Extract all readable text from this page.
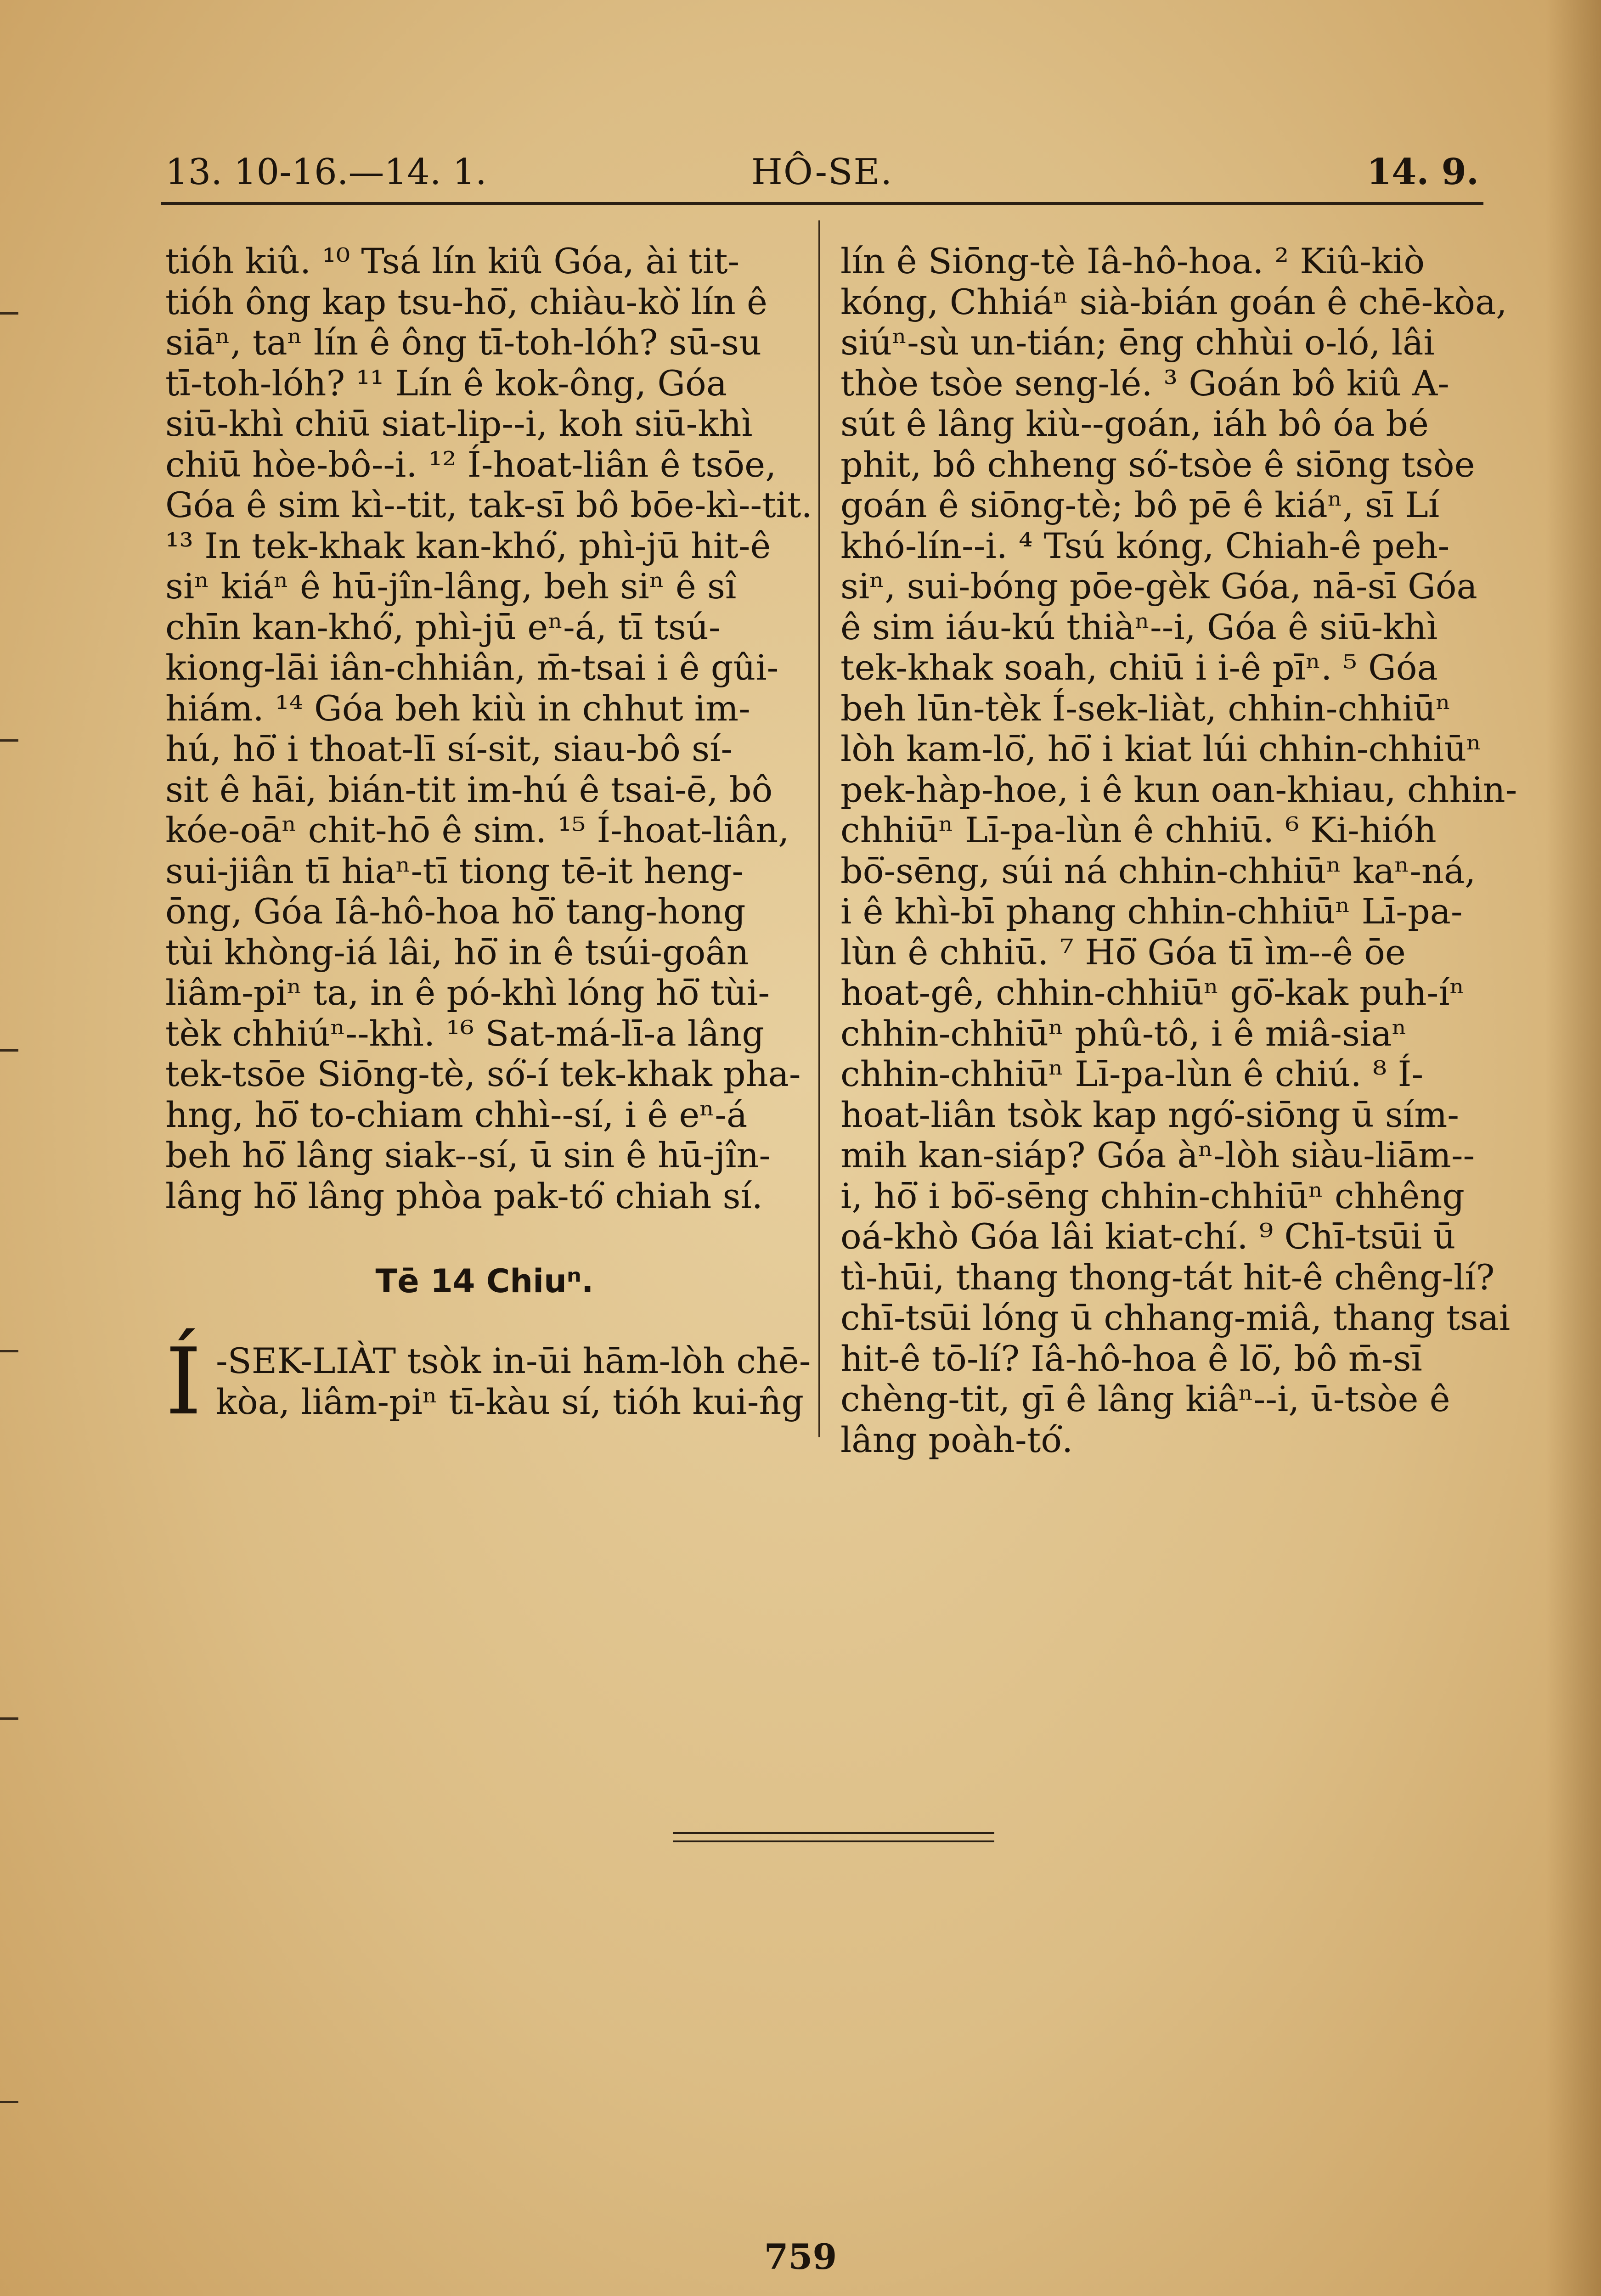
13. 10-16.—14. 1.	HÔ-SE.	14. 9.
tióh kiû. ¹⁰ Tsá lín kiû Góa, ài tit-
tióh ông kap tsu-hō͘, chiàu-kò͘ lín ê
siāⁿ, taⁿ lín ê ông tī-toh-lóh? sū-su
tī-toh-lóh? ¹¹ Lín ê kok-ông, Góa
siū-khì chiū siat-lip--i, koh siū-khì
chiū hòe-bô--i. ¹² Í-hoat-liân ê tsōe,
Góa ê sim kì--tit, tak-sī bô bōe-kì--tit.
¹³ In tek-khak kan-khó͘, phì-jū hit-ê
siⁿ kiáⁿ ê hū-jîn-lâng, beh siⁿ ê sî
chīn kan-khó͘, phì-jū eⁿ-á, tī tsú-
kiong-lāi iân-chhiân, m̄-tsai i ê gûi-
hiám. ¹⁴ Góa beh kiù in chhut im-
hú, hō͘ i thoat-lī sí-sit, siau-bô sí-
sit ê hāi, bián-tit im-hú ê tsai-ē, bô
kóe-oāⁿ chit-hō ê sim. ¹⁵ Í-hoat-liân,
sui-jiân tī hiaⁿ-tī tiong tē-it heng-
ōng, Góa Iâ-hô-hoa hō͘ tang-hong
tùi khòng-iá lâi, hō͘ in ê tsúi-goân
liâm-piⁿ ta, in ê pó-khì lóng hō͘ tùi-
tèk chhiúⁿ--khì. ¹⁶ Sat-má-lī-a lâng
tek-tsōe Siōng-tè, só͘-í tek-khak pha-
hng, hō͘ to-chiam chhì--sí, i ê eⁿ-á
beh hō͘ lâng siak--sí, ū sin ê hū-jîn-
lâng hō͘ lâng phòa pak-tó͘ chiah sí.
Tē 14 Chiuⁿ.
Í -SEK-LIÀT tsòk in-ūi hām-lòh chē-
kòa, liâm-piⁿ tī-kàu sí, tióh kui-n̂g
lín ê Siōng-tè Iâ-hô-hoa. ² Kiû-kiò
kóng, Chhiáⁿ sià-bián goán ê chē-kòa,
siúⁿ-sù un-tián; ēng chhùi o-ló, lâi
thòe tsòe seng-lé. ³ Goán bô kiû A-
sút ê lâng kiù--goán, iáh bô óa bé
phit, bô chheng só͘-tsòe ê siōng tsòe
goán ê siōng-tè; bô pē ê kiáⁿ, sī Lí
khó-lín--i. ⁴ Tsú kóng, Chiah-ê peh-
siⁿ, sui-bóng pōe-gèk Góa, nā-sī Góa
ê sim iáu-kú thiàⁿ--i, Góa ê siū-khì
tek-khak soah, chiū i i-ê pīⁿ. ⁵ Góa
beh lūn-tèk Í-sek-liàt, chhin-chhiūⁿ
lòh kam-lō͘, hō͘ i kiat lúi chhin-chhiūⁿ
pek-hàp-hoe, i ê kun oan-khiau, chhin-
chhiūⁿ Lī-pa-lùn ê chhiū. ⁶ Ki-hióh
bō͘-sēng, súi ná chhin-chhiūⁿ kaⁿ-ná,
i ê khì-bī phang chhin-chhiūⁿ Lī-pa-
lùn ê chhiū. ⁷ Hō͘ Góa tī ìm--ê ōe
hoat-gê, chhin-chhiūⁿ gō͘-kak puh-íⁿ
chhin-chhiūⁿ phû-tô, i ê miâ-siaⁿ
chhin-chhiūⁿ Lī-pa-lùn ê chiú. ⁸ Í-
hoat-liân tsòk kap ngó͘-siōng ū sím-
mih kan-siáp? Góa àⁿ-lòh siàu-liām--
i, hō͘ i bō͘-sēng chhin-chhiūⁿ chhêng
oá-khò Góa lâi kiat-chí. ⁹ Chī-tsūi ū
tì-hūi, thang thong-tát hit-ê chêng-lí?
chī-tsūi lóng ū chhang-miâ, thang tsai
hit-ê tō-lí? Iâ-hô-hoa ê lō͘, bô m̄-sī
chèng-tit, gī ê lâng kiâⁿ--i, ū-tsòe ê
lâng poàh-tó͘.
759
